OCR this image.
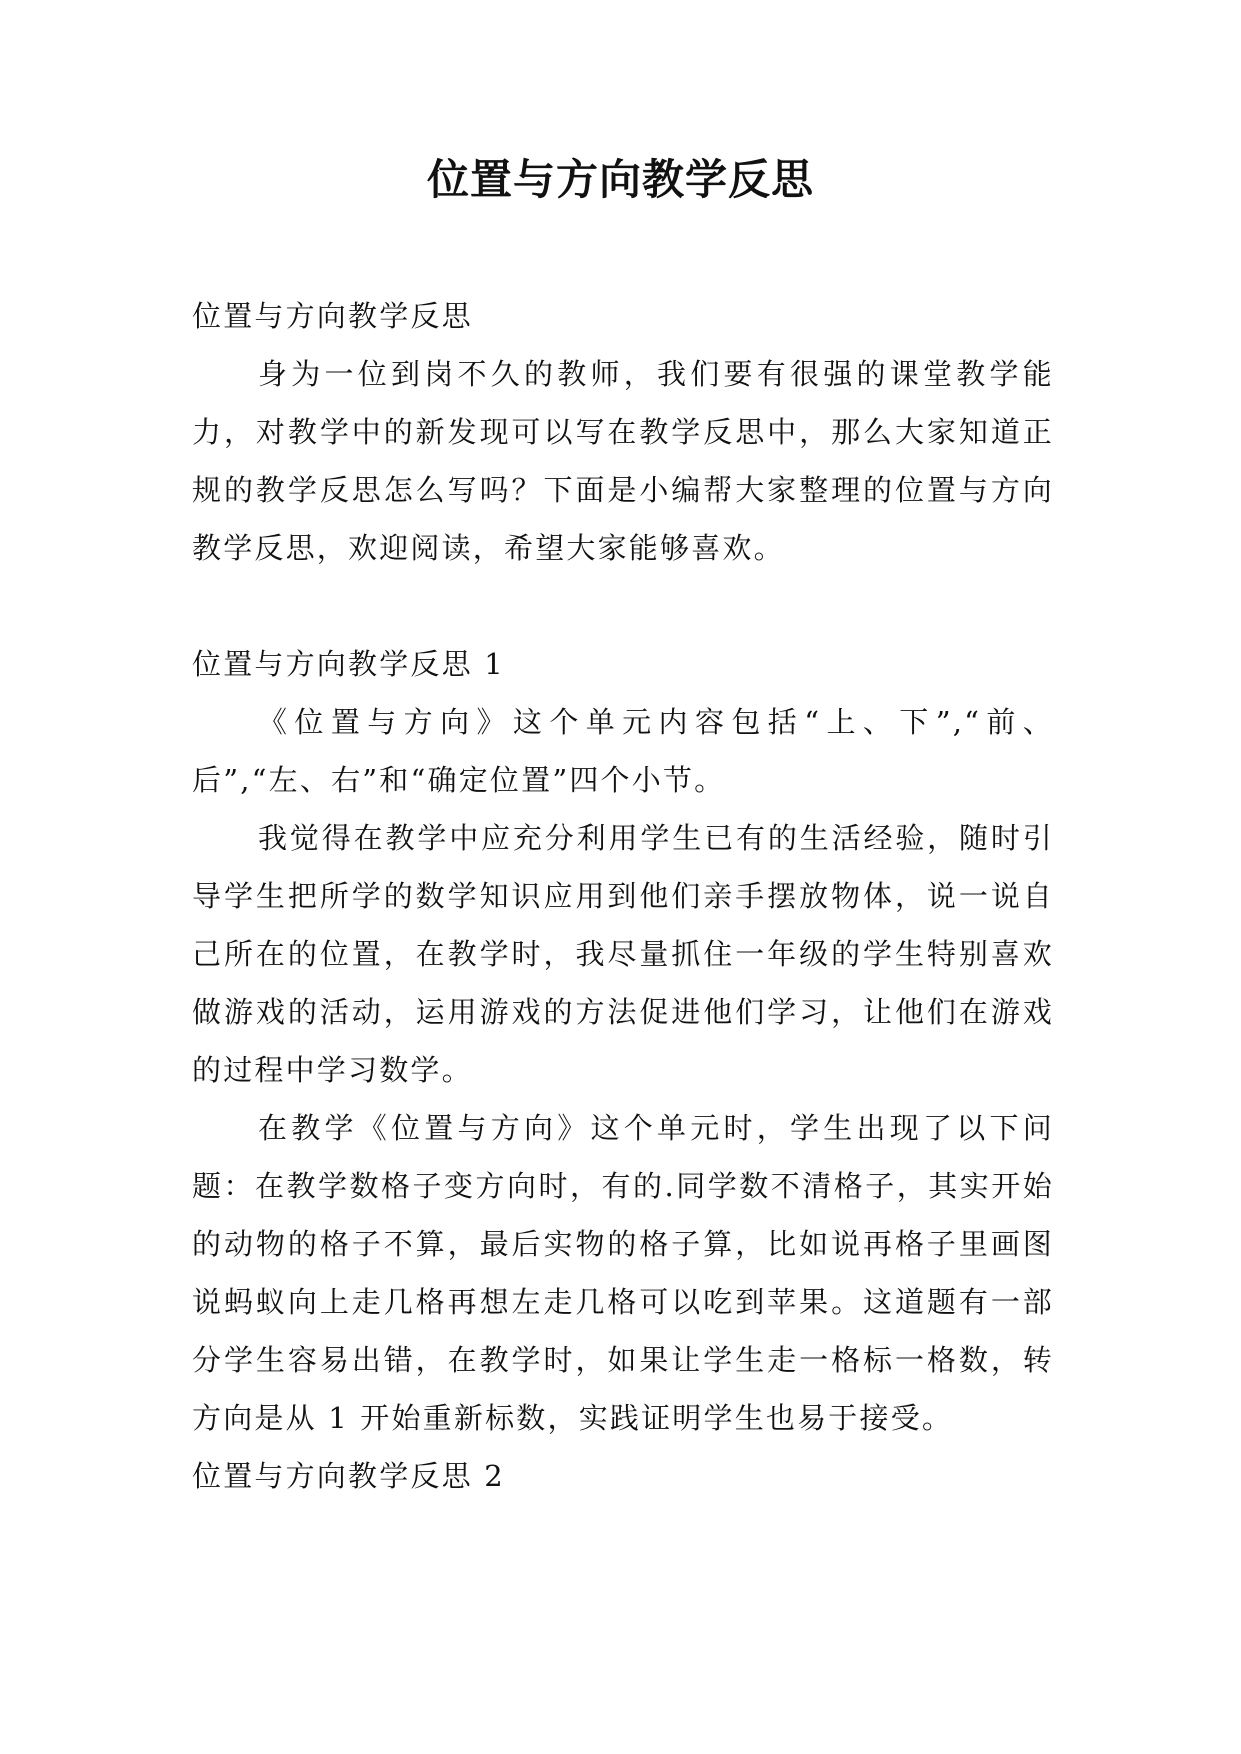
位置与方向教学反思

位置与方向教学反思

身为一位到岗不久的教师，我们要有很强的课堂教学能力，对教学中的新发现可以写在教学反思中，那么大家知道正规的教学反思怎么写吗？下面是小编帮大家整理的位置与方向教学反思，欢迎阅读，希望大家能够喜欢。

位置与方向教学反思 1

《位置与方向》这个单元内容包括“上、下”,“前、后”,“左、右”和“确定位置”四个小节。

我觉得在教学中应充分利用学生已有的生活经验，随时引导学生把所学的数学知识应用到他们亲手摆放物体，说一说自己所在的位置，在教学时，我尽量抓住一年级的学生特别喜欢做游戏的活动，运用游戏的方法促进他们学习，让他们在游戏的过程中学习数学。

在教学《位置与方向》这个单元时，学生出现了以下问题：在教学数格子变方向时，有的.同学数不清格子，其实开始的动物的格子不算，最后实物的格子算，比如说再格子里画图说蚂蚁向上走几格再想左走几格可以吃到苹果。这道题有一部分学生容易出错，在教学时，如果让学生走一格标一格数，转方向是从 1 开始重新标数，实践证明学生也易于接受。

位置与方向教学反思 2
